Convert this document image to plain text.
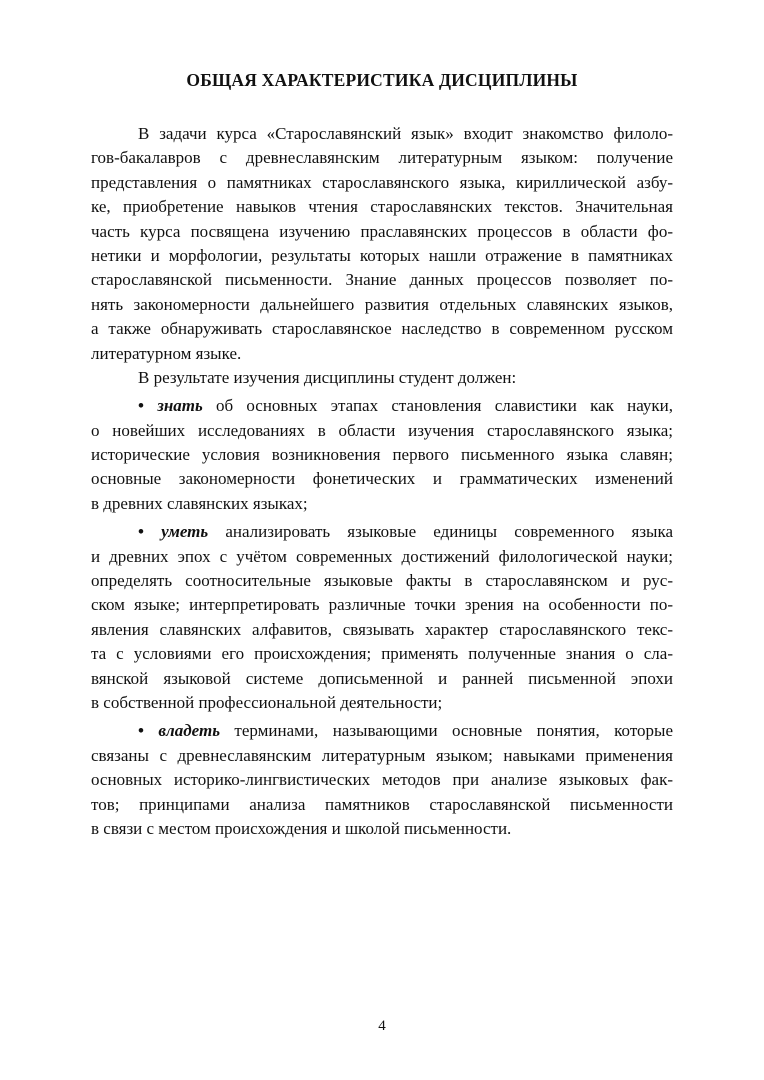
ОБЩАЯ ХАРАКТЕРИСТИКА ДИСЦИПЛИНЫ
В задачи курса «Старославянский язык» входит знакомство филоло-
гов-бакалавров с древнеславянским литературным языком: получение
представления о памятниках старославянского языка, кириллической азбу-
ке, приобретение навыков чтения старославянских текстов. Значительная
часть курса посвящена изучению праславянских процессов в области фо-
нетики и морфологии, результаты которых нашли отражение в памятниках
старославянской письменности. Знание данных процессов позволяет по-
нять закономерности дальнейшего развития отдельных славянских языков,
а также обнаруживать старославянское наследство в современном русском
литературном языке.
В результате изучения дисциплины студент должен:
• знать об основных этапах становления славистики как науки,
о новейших исследованиях в области изучения старославянского языка;
исторические условия возникновения первого письменного языка славян;
основные закономерности фонетических и грамматических изменений
в древних славянских языках;
• уметь анализировать языковые единицы современного языка
и древних эпох с учётом современных достижений филологической науки;
определять соотносительные языковые факты в старославянском и рус-
ском языке; интерпретировать различные точки зрения на особенности по-
явления славянских алфавитов, связывать характер старославянского текс-
та с условиями его происхождения; применять полученные знания о сла-
вянской языковой системе дописьменной и ранней письменной эпохи
в собственной профессиональной деятельности;
• владеть терминами, называющими основные понятия, которые
связаны с древнеславянским литературным языком; навыками применения
основных историко-лингвистических методов при анализе языковых фак-
тов; принципами анализа памятников старославянской письменности
в связи с местом происхождения и школой письменности.
4
